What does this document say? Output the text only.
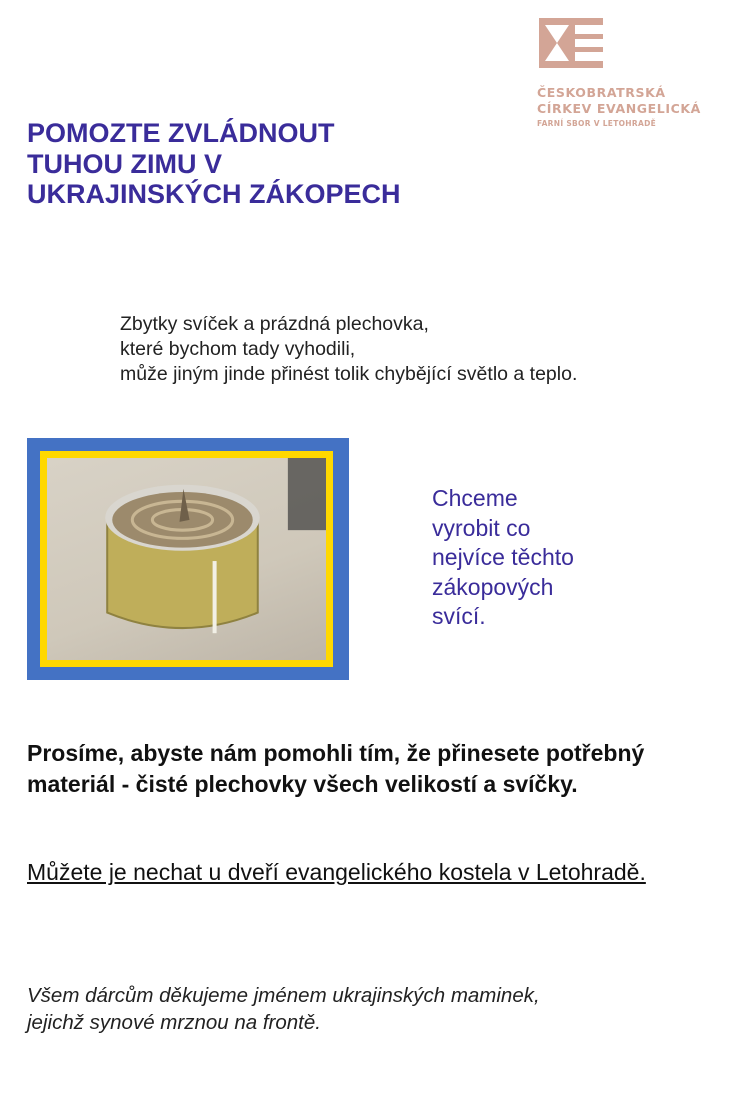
ČESKOBRATRSKÁ
CÍRKEV EVANGELICKÁ
FARNÍ SBOR V LETOHRADĚ
POMOZTE ZVLÁDNOUT TUHOU ZIMU V UKRAJINSKÝCH ZÁKOPECH
Zbytky svíček a prázdná plechovka,
které bychom tady vyhodili,
může jiným jinde přinést tolik chybějící světlo a teplo.
Chceme
vyrobit co
nejvíce těchto
zákopových
svící.
Prosíme, abyste nám pomohli tím, že přinesete potřebný materiál - čisté plechovky všech velikostí a svíčky.
Můžete je nechat u dveří evangelického kostela v Letohradě.
Všem dárcům děkujeme jménem ukrajinských maminek,
jejichž synové mrznou na frontě.
